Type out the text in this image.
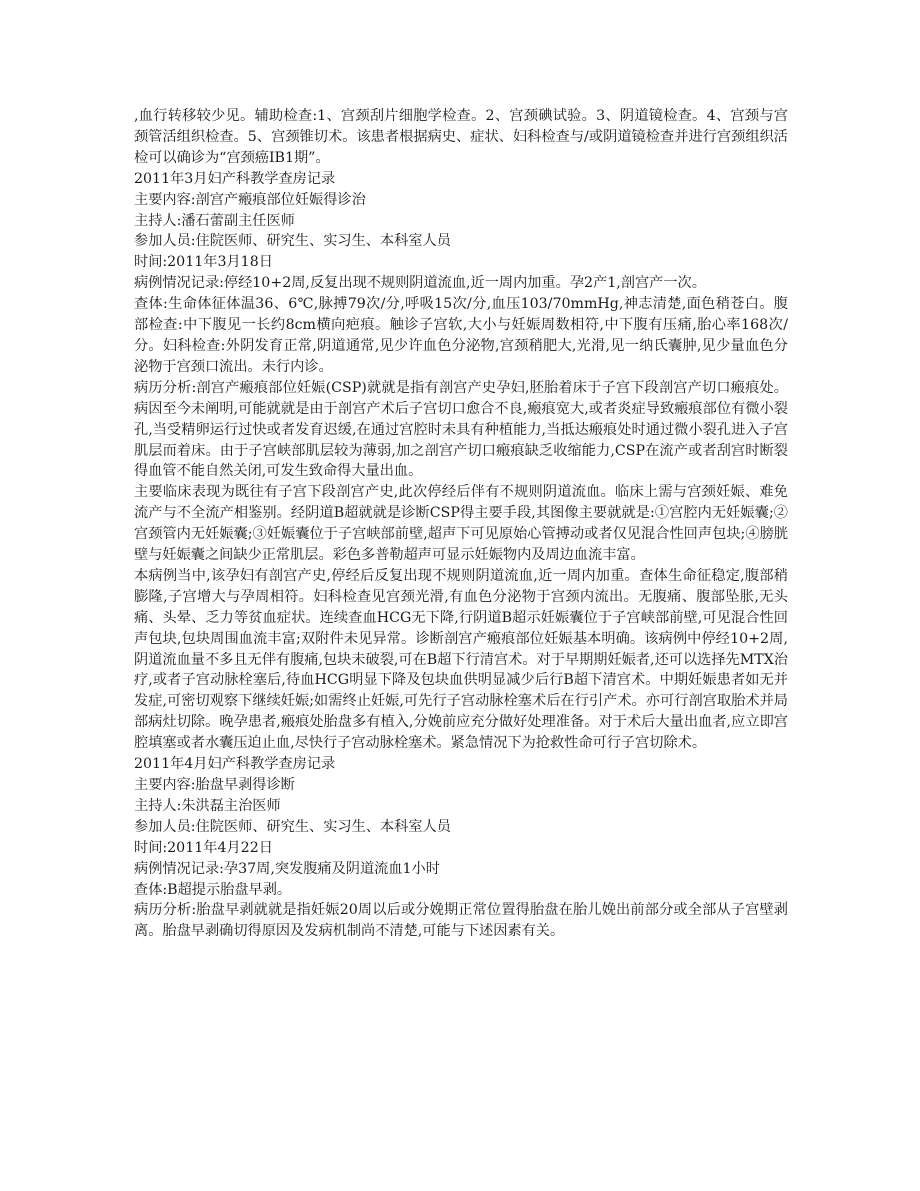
,血行转移较少见。辅助检查:1、宫颈刮片细胞学检查。2、宫颈碘试验。3、阴道镜检查。4、宫颈与宫颈管活组织检查。5、宫颈锥切术。该患者根据病史、症状、妇科检查与/或阴道镜检查并进行宫颈组织活检可以确诊为“宫颈癌IB1期”。

2011年3月妇产科教学查房记录

主要内容:剖宫产瘢痕部位妊娠得诊治

主持人:潘石蕾副主任医师

参加人员:住院医师、研究生、实习生、本科室人员

时间:2011年3月18日

病例情况记录:停经10+2周,反复出现不规则阴道流血,近一周内加重。孕2产1,剖宫产一次。

查体:生命体征体温36、6℃,脉搏79次/分,呼吸15次/分,血压103/70mmHg,神志清楚,面色稍苍白。腹部检查:中下腹见一长约8cm横向疤痕。触诊子宫软,大小与妊娠周数相符,中下腹有压痛,胎心率168次/分。妇科检查:外阴发育正常,阴道通常,见少许血色分泌物,宫颈稍肥大,光滑,见一纳氏囊肿,见少量血色分泌物于宫颈口流出。未行内诊。

病历分析:剖宫产瘢痕部位妊娠(CSP)就就是指有剖宫产史孕妇,胚胎着床于子宫下段剖宫产切口瘢痕处。病因至今未阐明,可能就就是由于剖宫产术后子宫切口愈合不良,瘢痕宽大,或者炎症导致瘢痕部位有微小裂孔,当受精卵运行过快或者发育迟缓,在通过宫腔时未具有种植能力,当抵达瘢痕处时通过微小裂孔进入子宫肌层而着床。由于子宫峡部肌层较为薄弱,加之剖宫产切口瘢痕缺乏收缩能力,CSP在流产或者刮宫时断裂得血管不能自然关闭,可发生致命得大量出血。

主要临床表现为既往有子宫下段剖宫产史,此次停经后伴有不规则阴道流血。临床上需与宫颈妊娠、难免流产与不全流产相鉴别。经阴道B超就就是诊断CSP得主要手段,其图像主要就就是:①宫腔内无妊娠囊;②宫颈管内无妊娠囊;③妊娠囊位于子宫峡部前壁,超声下可见原始心管搏动或者仅见混合性回声包块;④膀胱壁与妊娠囊之间缺少正常肌层。彩色多普勒超声可显示妊娠物内及周边血流丰富。

本病例当中,该孕妇有剖宫产史,停经后反复出现不规则阴道流血,近一周内加重。查体生命征稳定,腹部稍膨隆,子宫增大与孕周相符。妇科检查见宫颈光滑,有血色分泌物于宫颈内流出。无腹痛、腹部坠胀,无头痛、头晕、乏力等贫血症状。连续查血HCG无下降,行阴道B超示妊娠囊位于子宫峡部前壁,可见混合性回声包块,包块周围血流丰富;双附件未见异常。诊断剖宫产瘢痕部位妊娠基本明确。该病例中停经10+2周,阴道流血量不多且无伴有腹痛,包块未破裂,可在B超下行清宫术。对于早期期妊娠者,还可以选择先MTX治疗,或者子宫动脉栓塞后,待血HCG明显下降及包块血供明显减少后行B超下清宫术。中期妊娠患者如无并发症,可密切观察下继续妊娠;如需终止妊娠,可先行子宫动脉栓塞术后在行引产术。亦可行剖宫取胎术并局部病灶切除。晚孕患者,瘢痕处胎盘多有植入,分娩前应充分做好处理准备。对于术后大量出血者,应立即宫腔填塞或者水囊压迫止血,尽快行子宫动脉栓塞术。紧急情况下为抢救性命可行子宫切除术。

2011年4月妇产科教学查房记录

主要内容:胎盘早剥得诊断

主持人:朱洪磊主治医师

参加人员:住院医师、研究生、实习生、本科室人员

时间:2011年4月22日

病例情况记录:孕37周,突发腹痛及阴道流血1小时

查体:B超提示胎盘早剥。

病历分析:胎盘早剥就就是指妊娠20周以后或分娩期正常位置得胎盘在胎儿娩出前部分或全部从子宫壁剥离。胎盘早剥确切得原因及发病机制尚不清楚,可能与下述因素有关。
